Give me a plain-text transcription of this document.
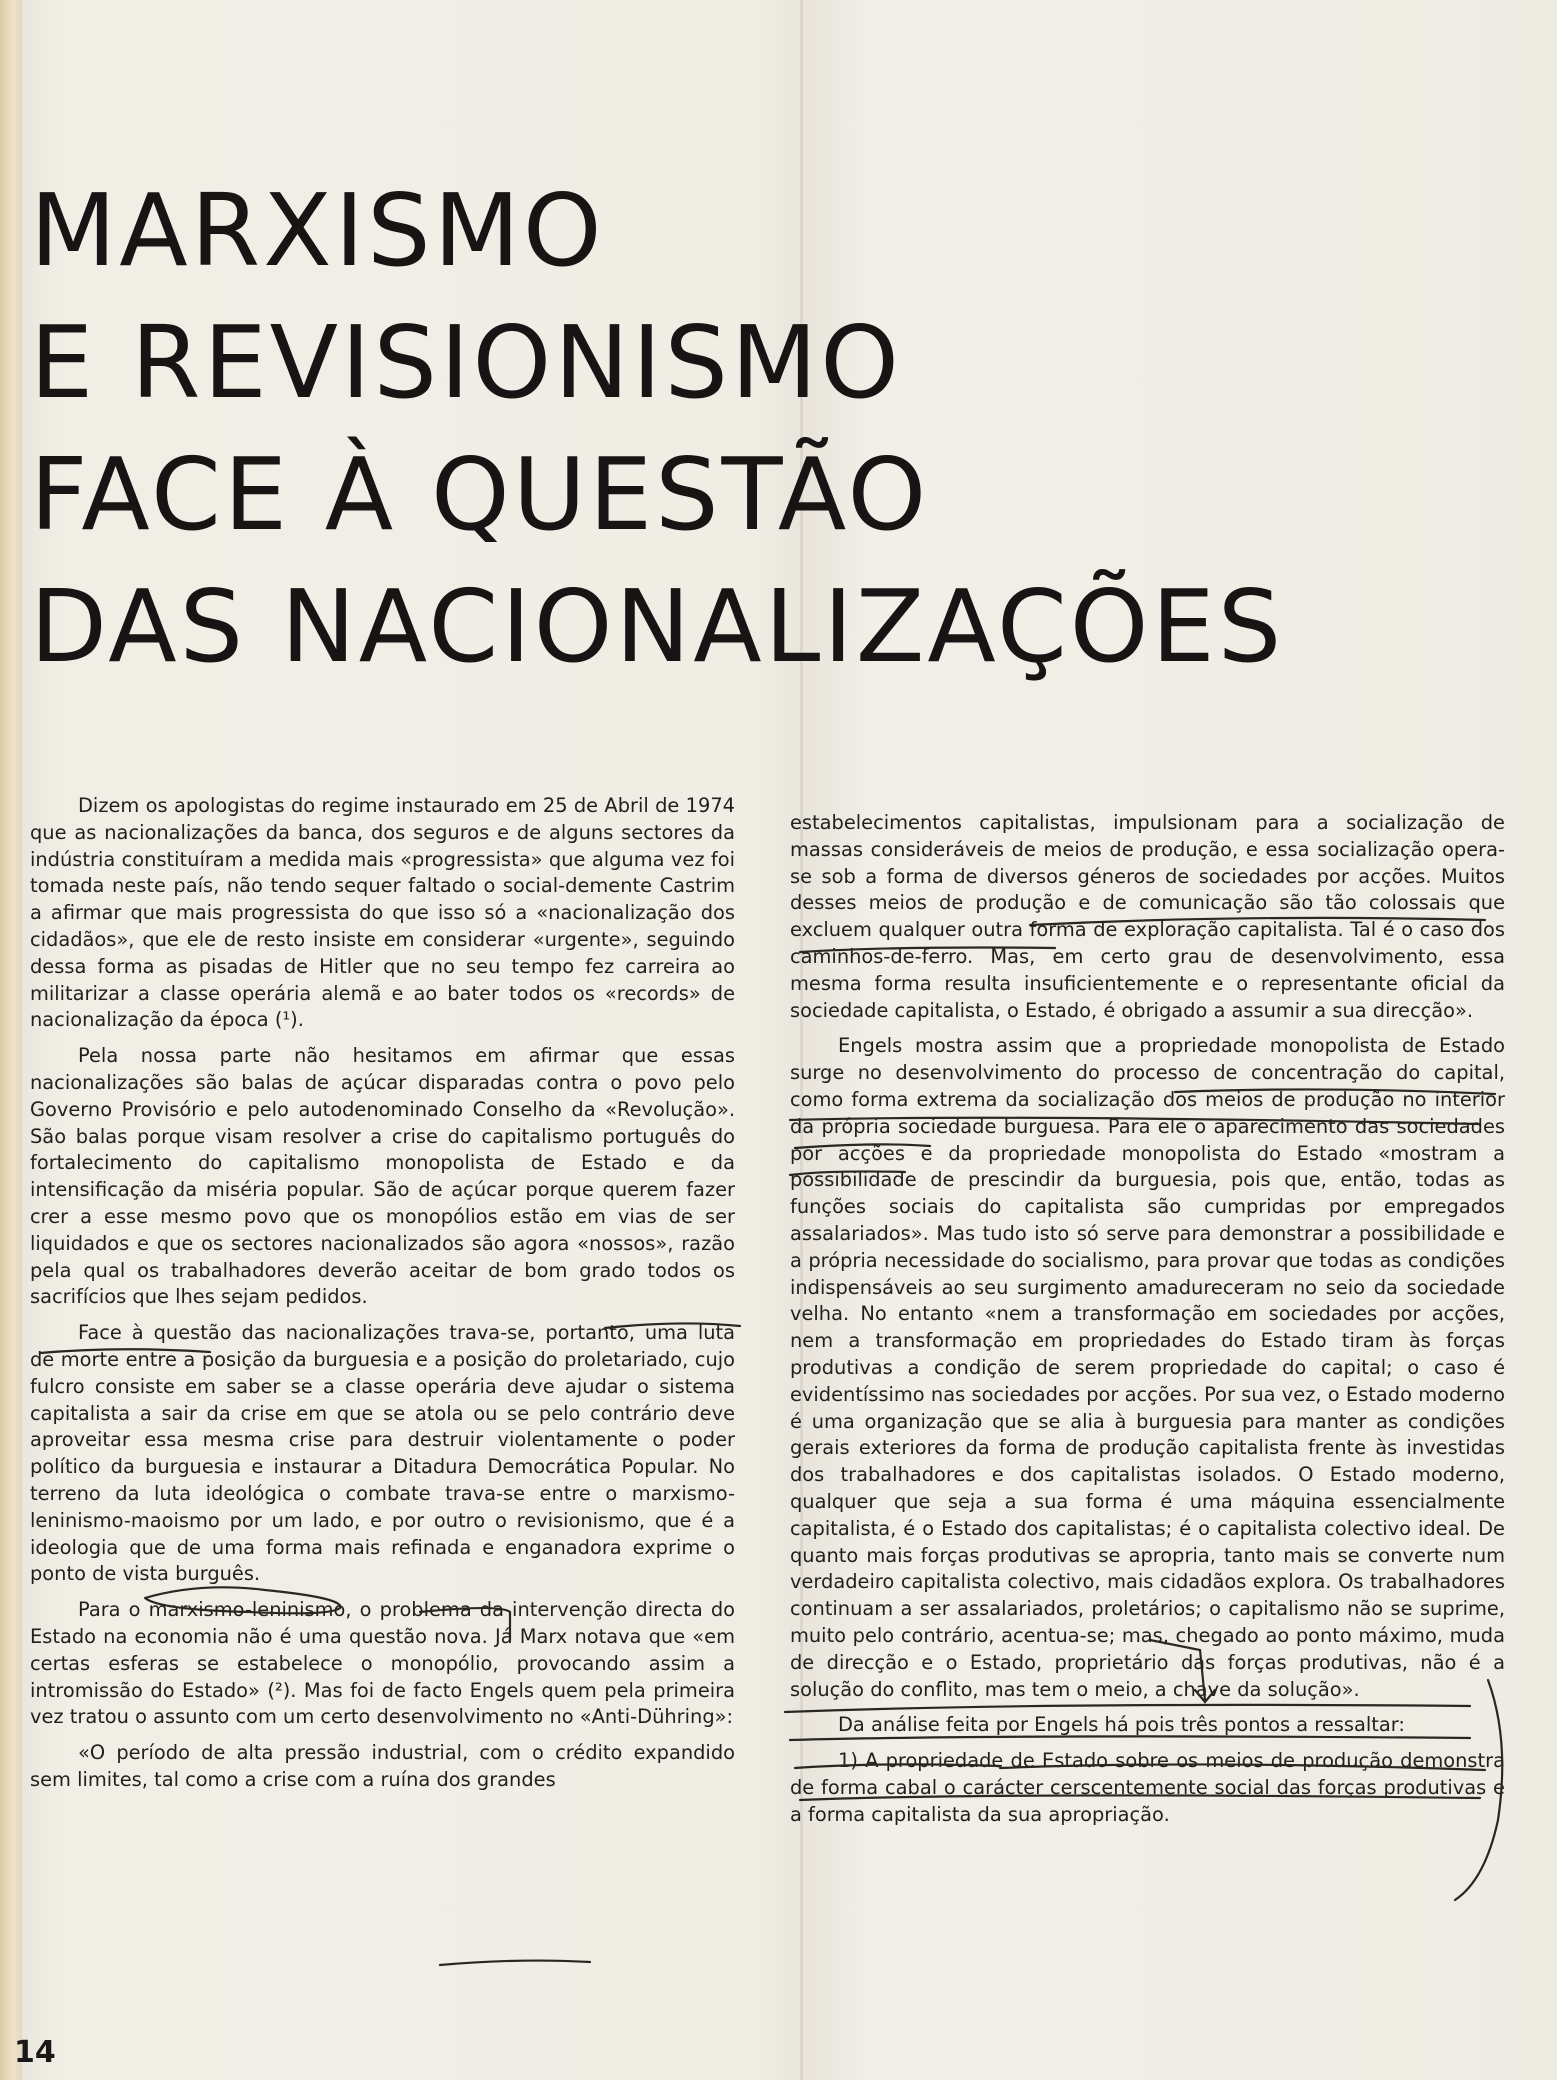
MARXISMO
E REVISIONISMO
FACE À QUESTÃO
DAS NACIONALIZAÇÕES

Dizem os apologistas do regime instaurado em 25 de Abril de 1974 que as nacionalizações da banca, dos seguros e de alguns sectores da indústria constituíram a medida mais «progressista» que alguma vez foi tomada neste país, não tendo sequer faltado o social-demente Castrim a afirmar que mais progressista do que isso só a «nacionalização dos cidadãos», que ele de resto insiste em considerar «urgente», seguindo dessa forma as pisadas de Hitler que no seu tempo fez carreira ao militarizar a classe operária alemã e ao bater todos os «records» de nacionalização da época (¹).

Pela nossa parte não hesitamos em afirmar que essas nacionalizações são balas de açúcar disparadas contra o povo pelo Governo Provisório e pelo autodenominado Conselho da «Revolução». São balas porque visam resolver a crise do capitalismo português do fortalecimento do capitalismo monopolista de Estado e da intensificação da miséria popular. São de açúcar porque querem fazer crer a esse mesmo povo que os monopólios estão em vias de ser liquidados e que os sectores nacionalizados são agora «nossos», razão pela qual os trabalhadores deverão aceitar de bom grado todos os sacrifícios que lhes sejam pedidos.

Face à questão das nacionalizações trava-se, portanto, uma luta de morte entre a posição da burguesia e a posição do proletariado, cujo fulcro consiste em saber se a classe operária deve ajudar o sistema capitalista a sair da crise em que se atola ou se pelo contrário deve aproveitar essa mesma crise para destruir violentamente o poder político da burguesia e instaurar a Ditadura Democrática Popular. No terreno da luta ideológica o combate trava-se entre o marxismo-leninismo-maoismo por um lado, e por outro o revisionismo, que é a ideologia que de uma forma mais refinada e enganadora exprime o ponto de vista burguês.

Para o marxismo-leninismo, o problema da intervenção directa do Estado na economia não é uma questão nova. Já Marx notava que «em certas esferas se estabelece o monopólio, provocando assim a intromissão do Estado» (²). Mas foi de facto Engels quem pela primeira vez tratou o assunto com um certo desenvolvimento no «Anti-Dühring»:

«O período de alta pressão industrial, com o crédito expandido sem limites, tal como a crise com a ruína dos grandes

estabelecimentos capitalistas, impulsionam para a socialização de massas consideráveis de meios de produção, e essa socialização opera-se sob a forma de diversos géneros de sociedades por acções. Muitos desses meios de produção e de comunicação são tão colossais que excluem qualquer outra forma de exploração capitalista. Tal é o caso dos caminhos-de-ferro. Mas, em certo grau de desenvolvimento, essa mesma forma resulta insuficientemente e o representante oficial da sociedade capitalista, o Estado, é obrigado a assumir a sua direcção».

Engels mostra assim que a propriedade monopolista de Estado surge no desenvolvimento do processo de concentração do capital, como forma extrema da socialização dos meios de produção no interior da própria sociedade burguesa. Para ele o aparecimento das sociedades por acções e da propriedade monopolista do Estado «mostram a possibilidade de prescindir da burguesia, pois que, então, todas as funções sociais do capitalista são cumpridas por empregados assalariados». Mas tudo isto só serve para demonstrar a possibilidade e a própria necessidade do socialismo, para provar que todas as condições indispensáveis ao seu surgimento amadureceram no seio da sociedade velha. No entanto «nem a transformação em sociedades por acções, nem a transformação em propriedades do Estado tiram às forças produtivas a condição de serem propriedade do capital; o caso é evidentíssimo nas sociedades por acções. Por sua vez, o Estado moderno é uma organização que se alia à burguesia para manter as condições gerais exteriores da forma de produção capitalista frente às investidas dos trabalhadores e dos capitalistas isolados. O Estado moderno, qualquer que seja a sua forma é uma máquina essencialmente capitalista, é o Estado dos capitalistas; é o capitalista colectivo ideal. De quanto mais forças produtivas se apropria, tanto mais se converte num verdadeiro capitalista colectivo, mais cidadãos explora. Os trabalhadores continuam a ser assalariados, proletários; o capitalismo não se suprime, muito pelo contrário, acentua-se; mas, chegado ao ponto máximo, muda de direcção e o Estado, proprietário das forças produtivas, não é a solução do conflito, mas tem o meio, a chave da solução».

Da análise feita por Engels há pois três pontos a ressaltar:

1) A propriedade de Estado sobre os meios de produção demonstra de forma cabal o carácter cerscentemente social das forças produtivas e a forma capitalista da sua apropriação.

14
